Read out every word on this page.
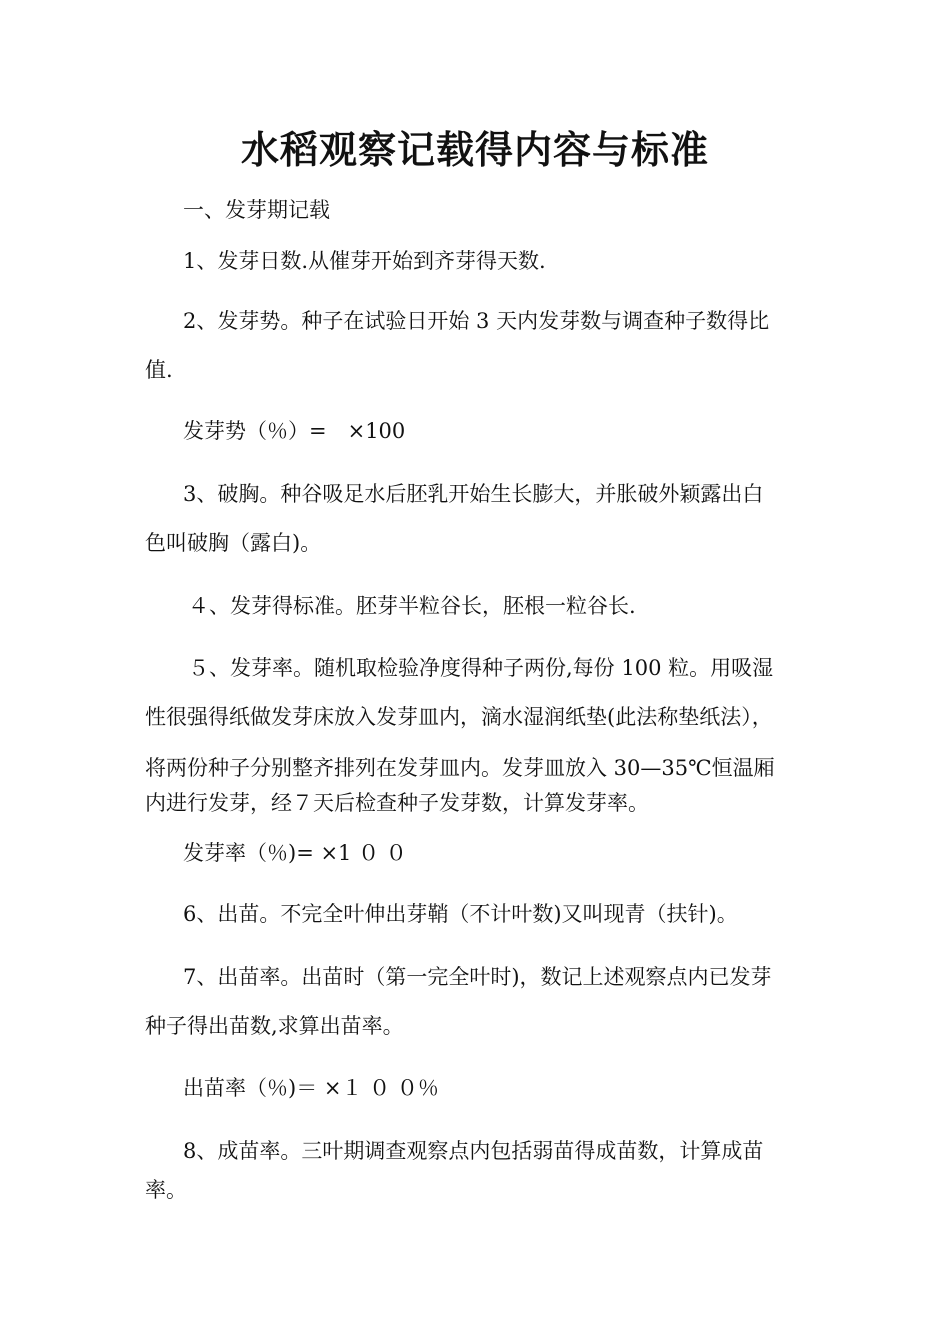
水稻观察记载得内容与标准

一、发芽期记载

1、发芽日数.从催芽开始到齐芽得天数.

2、发芽势。种子在试验日开始 3 天内发芽数与调查种子数得比

值.

发芽势（％）=　×100

3、破胸。种谷吸足水后胚乳开始生长膨大，并胀破外颖露出白

色叫破胸（露白)。

４、发芽得标准。胚芽半粒谷长，胚根一粒谷长.

５、发芽率。随机取检验净度得种子两份,每份 100 粒。用吸湿

性很强得纸做发芽床放入发芽皿内，滴水湿润纸垫(此法称垫纸法），

将两份种子分别整齐排列在发芽皿内。发芽皿放入 30—35℃恒温厢

内进行发芽，经７天后检查种子发芽数，计算发芽率。

发芽率（％)= ×1 ０ ０

6、出苗。不完全叶伸出芽鞘（不计叶数)又叫现青（扶针)。

7、出苗率。出苗时（第一完全叶时)，数记上述观察点内已发芽

种子得出苗数,求算出苗率。

出苗率（％)＝ ×１ ０ ０％

8、成苗率。三叶期调查观察点内包括弱苗得成苗数，计算成苗

率。
